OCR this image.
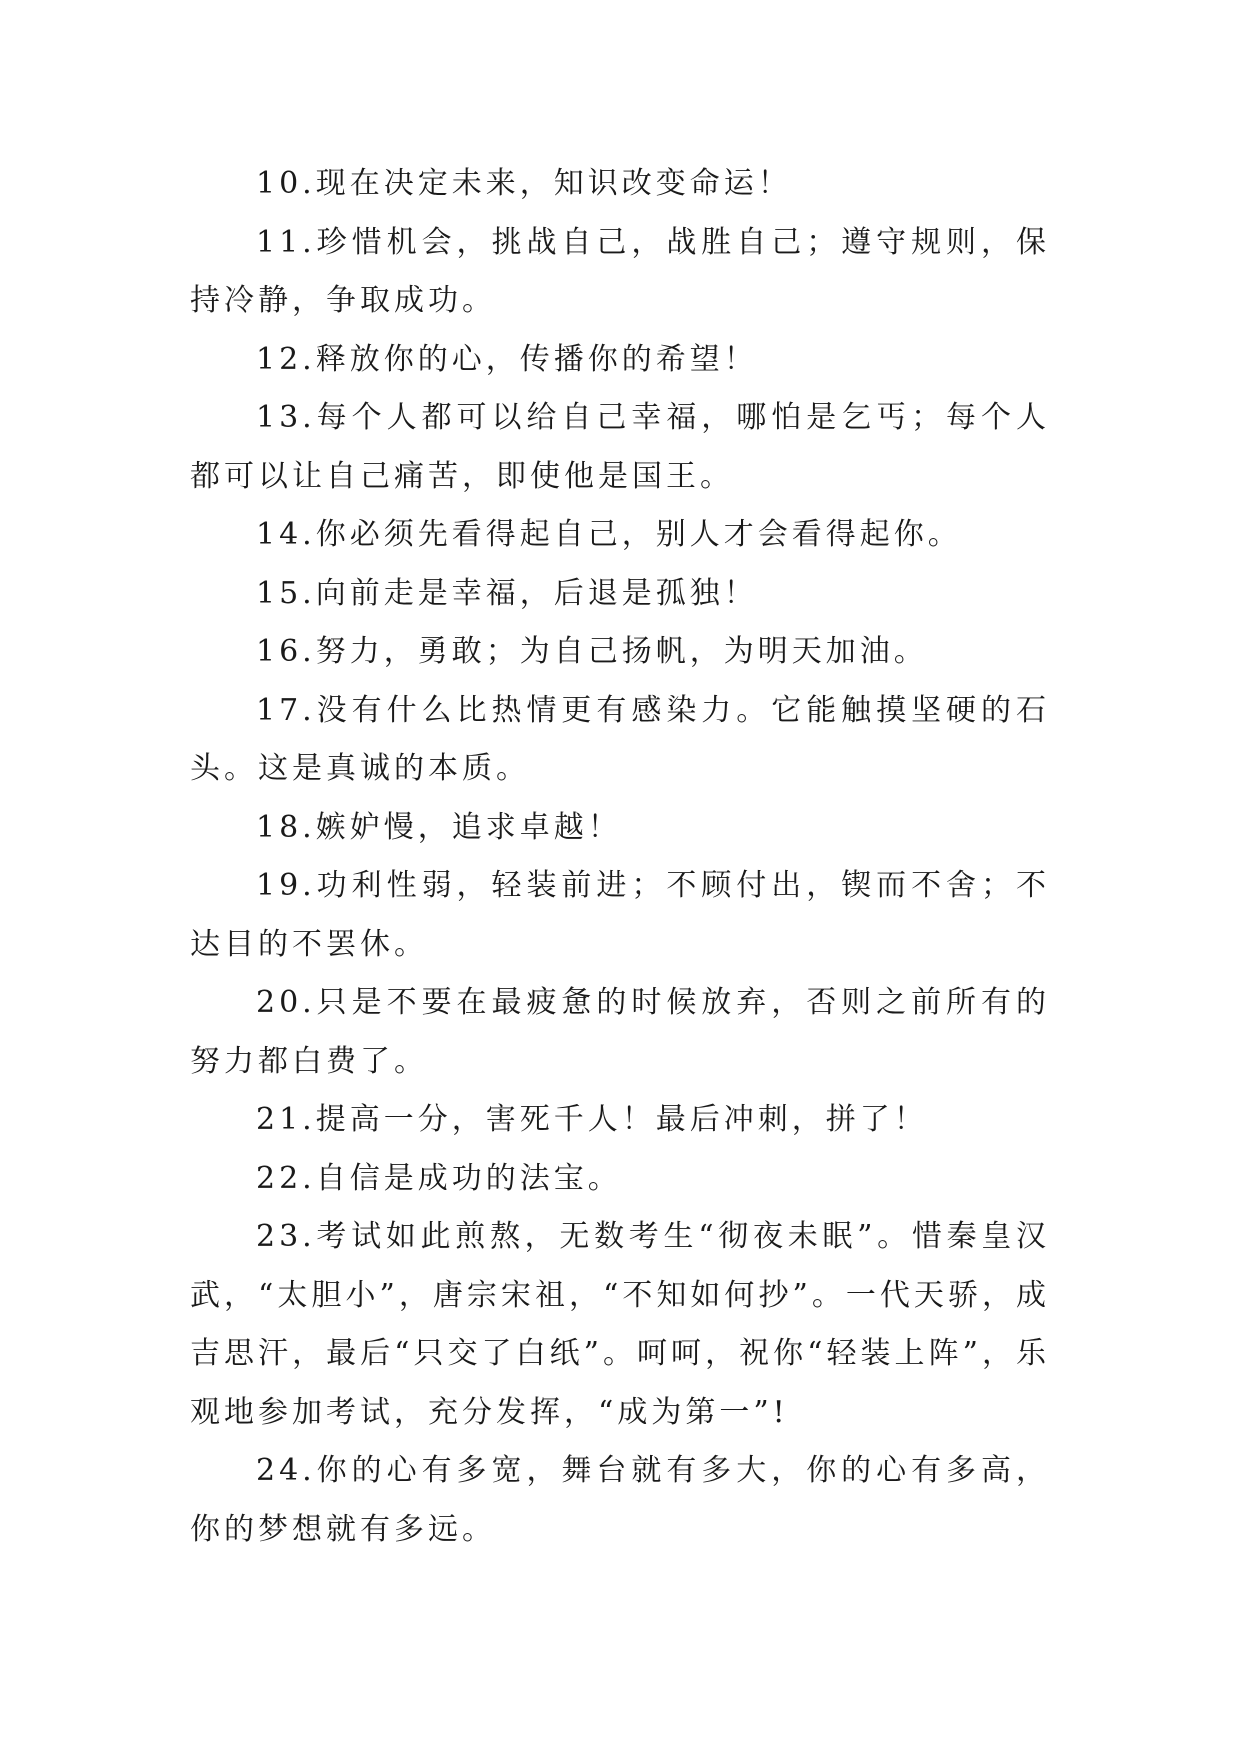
10.现在决定未来，知识改变命运！

11.珍惜机会，挑战自己，战胜自己；遵守规则，保持冷静，争取成功。

12.释放你的心，传播你的希望！

13.每个人都可以给自己幸福，哪怕是乞丐；每个人都可以让自己痛苦，即使他是国王。

14.你必须先看得起自己，别人才会看得起你。

15.向前走是幸福，后退是孤独！

16.努力，勇敢；为自己扬帆，为明天加油。

17.没有什么比热情更有感染力。它能触摸坚硬的石头。这是真诚的本质。

18.嫉妒慢，追求卓越！

19.功利性弱，轻装前进；不顾付出，锲而不舍；不达目的不罢休。

20.只是不要在最疲惫的时候放弃，否则之前所有的努力都白费了。

21.提高一分，害死千人！最后冲刺，拼了！

22.自信是成功的法宝。

23.考试如此煎熬，无数考生“彻夜未眠”。惜秦皇汉武，“太胆小”，唐宗宋祖，“不知如何抄”。一代天骄，成吉思汗，最后“只交了白纸”。呵呵，祝你“轻装上阵”，乐观地参加考试，充分发挥，“成为第一”!

24.你的心有多宽，舞台就有多大，你的心有多高，你的梦想就有多远。
